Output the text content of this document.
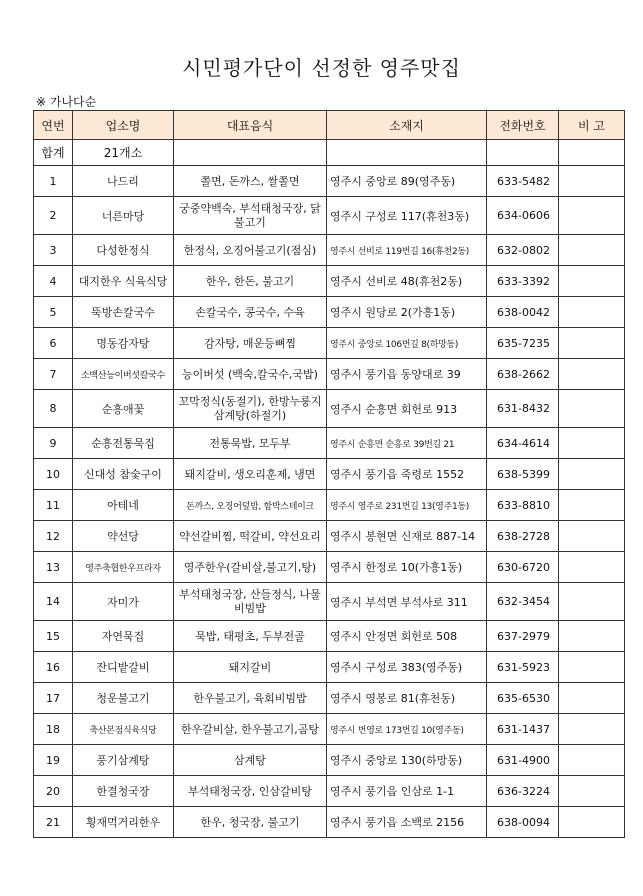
시민평가단이 선정한 영주맛집
※ 가나다순
연번	업소명	대표음식	소재지	전화번호	비 고
합계	21개소				
1	나드리	쫄면, 돈까스, 쌀쫄면	영주시 중앙로 89(영주동)	633-5482	
2	너른마당	궁중약백숙, 부석태청국장, 닭불고기	영주시 구성로 117(휴천3동)	634-0606	
3	다성한정식	한정식, 오징어불고기(점심)	영주시 선비로 119번길 16(휴천2동)	632-0802	
4	대지한우 식육식당	한우, 한돈, 불고기	영주시 선비로 48(휴천2동)	633-3392	
5	뚝방손칼국수	손칼국수, 콩국수, 수육	영주시 원당로 2(가흥1동)	638-0042	
6	명동감자탕	감자탕, 매운등뼈찜	영주시 중앙로 106번길 8(하망동)	635-7235	
7	소백산능이버섯칼국수	능이버섯 (백숙,칼국수,국밥)	영주시 풍기읍 동양대로 39	638-2662	
8	순흥애꽃	꼬막정식(동절기), 한방누룽지삼계탕(하절기)	영주시 순흥면 회헌로 913	631-8432	
9	순흥전통묵집	전통묵밥, 모두부	영주시 순흥면 순흥로 39번길 21	634-4614	
10	신대성 참숯구이	돼지갈비, 생오리훈제, 냉면	영주시 풍기읍 죽령로 1552	638-5399	
11	아테네	돈까스, 오징어덮밥, 함박스테이크	영주시 영주로 231번길 13(영주1동)	633-8810	
12	약선당	약선갈비찜, 떡갈비, 약선요리	영주시 봉현면 신재로 887-14	638-2728	
13	영주축협한우프라자	영주한우(갈비살,불고기,탕)	영주시 한정로 10(가흥1동)	630-6720	
14	자미가	부석태청국장, 산들정식, 나물비빔밥	영주시 부석면 부석사로 311	632-3454	
15	자연묵집	묵밥, 태평초, 두부전골	영주시 안정면 회헌로 508	637-2979	
16	잔디밭갈비	돼지갈비	영주시 구성로 383(영주동)	631-5923	
17	청운불고기	한우불고기, 육회비빔밥	영주시 영봉로 81(휴천동)	635-6530	
18	축산본점식육식당	한우갈비살, 한우불고기,곰탕	영주시 번영로 173번길 10(영주동)	631-1437	
19	풍기삼계탕	삼계탕	영주시 중앙로 130(하망동)	631-4900	
20	한결청국장	부석태청국장, 인삼갈비탕	영주시 풍기읍 인삼로 1-1	636-3224	
21	횡재먹거리한우	한우, 청국장, 불고기	영주시 풍기읍 소백로 2156	638-0094	
